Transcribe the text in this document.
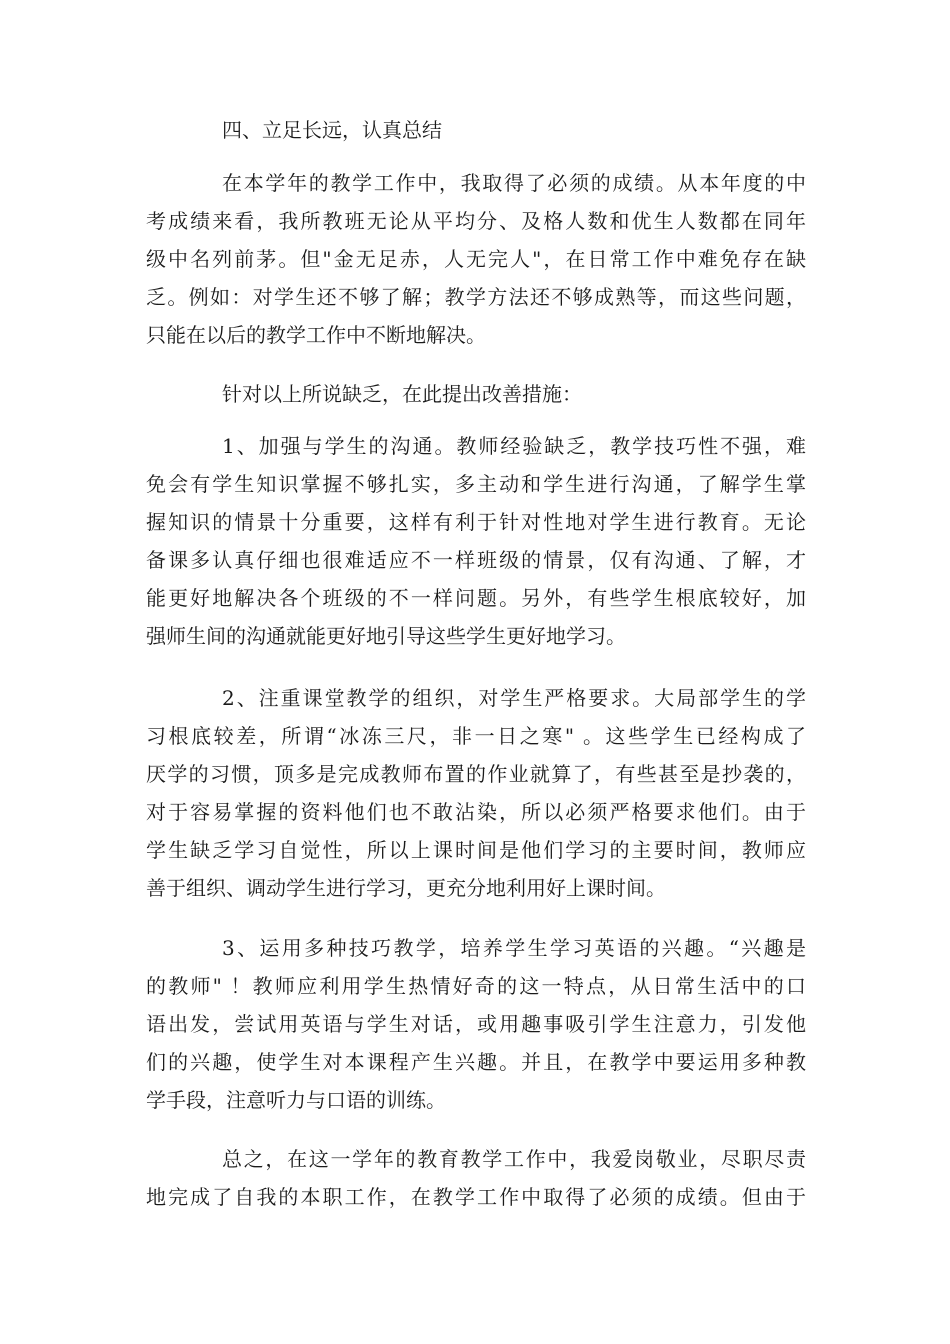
四、立足长远，认真总结

在本学年的教学工作中，我取得了必须的成绩。从本年度的中
考成绩来看，我所教班无论从平均分、及格人数和优生人数都在同年
级中名列前茅。但"金无足赤，人无完人"，在日常工作中难免存在缺
乏。例如：对学生还不够了解；教学方法还不够成熟等，而这些问题，
只能在以后的教学工作中不断地解决。

针对以上所说缺乏，在此提出改善措施：

1、加强与学生的沟通。教师经验缺乏，教学技巧性不强，难
免会有学生知识掌握不够扎实，多主动和学生进行沟通，了解学生掌
握知识的情景十分重要，这样有利于针对性地对学生进行教育。无论
备课多认真仔细也很难适应不一样班级的情景，仅有沟通、了解，才
能更好地解决各个班级的不一样问题。另外，有些学生根底较好，加
强师生间的沟通就能更好地引导这些学生更好地学习。

2、注重课堂教学的组织，对学生严格要求。大局部学生的学
习根底较差，所谓“冰冻三尺，非一日之寒" 。这些学生已经构成了
厌学的习惯，顶多是完成教师布置的作业就算了，有些甚至是抄袭的，
对于容易掌握的资料他们也不敢沾染，所以必须严格要求他们。由于
学生缺乏学习自觉性，所以上课时间是他们学习的主要时间，教师应
善于组织、调动学生进行学习，更充分地利用好上课时间。

3、运用多种技巧教学，培养学生学习英语的兴趣。“兴趣是
的教师" ！教师应利用学生热情好奇的这一特点，从日常生活中的口
语出发，尝试用英语与学生对话，或用趣事吸引学生注意力，引发他
们的兴趣，使学生对本课程产生兴趣。并且，在教学中要运用多种教
学手段，注意听力与口语的训练。

总之，在这一学年的教育教学工作中，我爱岗敬业，尽职尽责
地完成了自我的本职工作，在教学工作中取得了必须的成绩。但由于
